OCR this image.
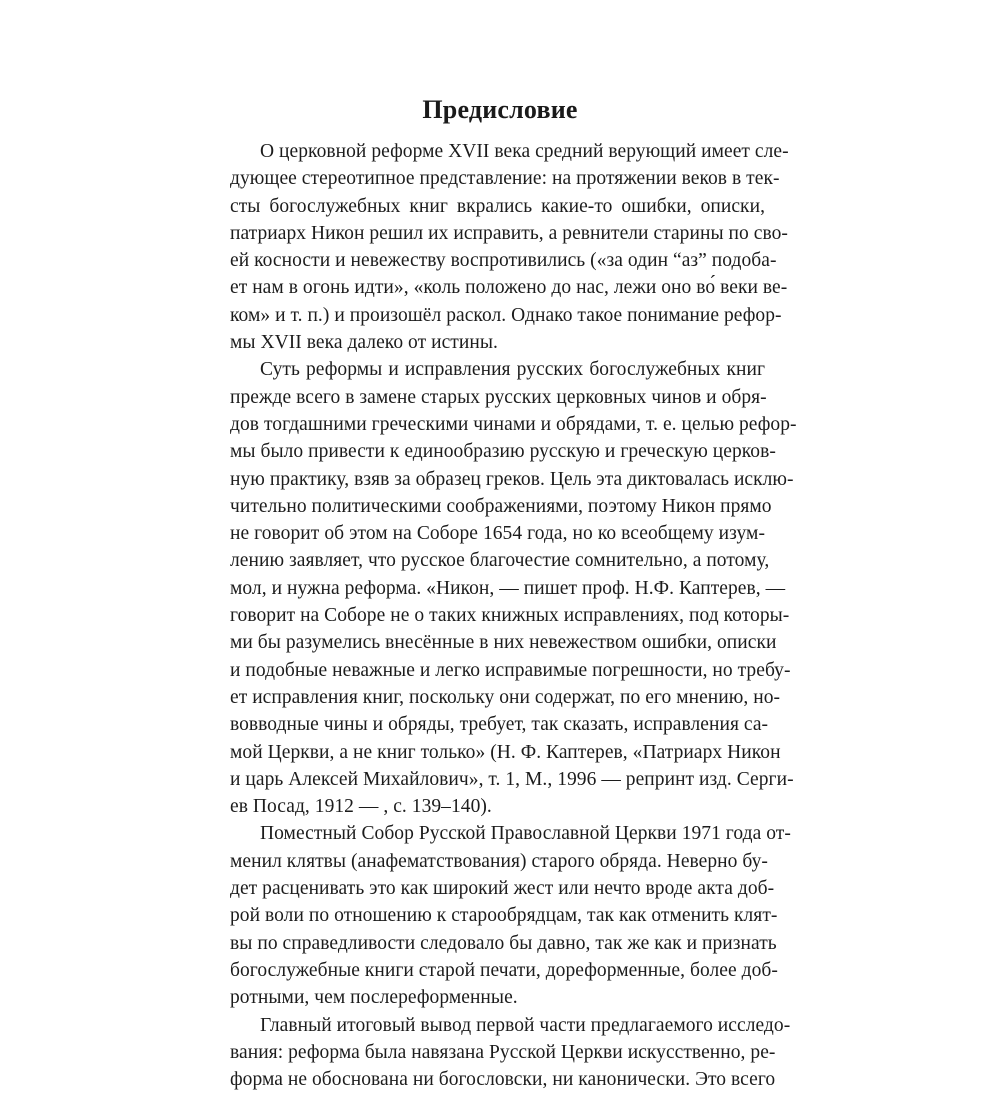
Предисловие
О церковной реформе XVII века средний верующий имеет сле-
дующее стереотипное представление: на протяжении веков в тек-
сты богослужебных книг вкрались какие-то ошибки, описки,
патриарх Никон решил их исправить, а ревнители старины по сво-
ей косности и невежеству воспротивились («за один “аз” подоба-
ет нам в огонь идти», «коль положено до нас, лежи оно во́ веки ве-
ком» и т. п.) и произошёл раскол. Однако такое понимание рефор-
мы XVII века далеко от истины.
Суть реформы и исправления русских богослужебных книг
прежде всего в замене старых русских церковных чинов и обря-
дов тогдашними греческими чинами и обрядами, т. е. целью рефор-
мы было привести к единообразию русскую и греческую церков-
ную практику, взяв за образец греков. Цель эта диктовалась исклю-
чительно политическими соображениями, поэтому Никон прямо
не говорит об этом на Соборе 1654 года, но ко всеобщему изум-
лению заявляет, что русское благочестие сомнительно, а потому,
мол, и нужна реформа. «Никон, — пишет проф. Н.Ф. Каптерев, —
говорит на Соборе не о таких книжных исправлениях, под которы-
ми бы разумелись внесённые в них невежеством ошибки, описки
и подобные неважные и легко исправимые погрешности, но требу-
ет исправления книг, поскольку они содержат, по его мнению, но-
вовводные чины и обряды, требует, так сказать, исправления са-
мой Церкви, а не книг только» (Н. Ф. Каптерев, «Патриарх Никон
и царь Алексей Михайлович», т. 1, М., 1996 — репринт изд. Серги-
ев Посад, 1912 — , с. 139–140).
Поместный Собор Русской Православной Церкви 1971 года от-
менил клятвы (анафематствования) старого обряда. Неверно бу-
дет расценивать это как широкий жест или нечто вроде акта доб-
рой воли по отношению к старообрядцам, так как отменить клят-
вы по справедливости следовало бы давно, так же как и признать
богослужебные книги старой печати, дореформенные, более доб-
ротными, чем послереформенные.
Главный итоговый вывод первой части предлагаемого исследо-
вания: реформа была навязана Русской Церкви искусственно, ре-
форма не обоснована ни богословски, ни канонически. Это всего
